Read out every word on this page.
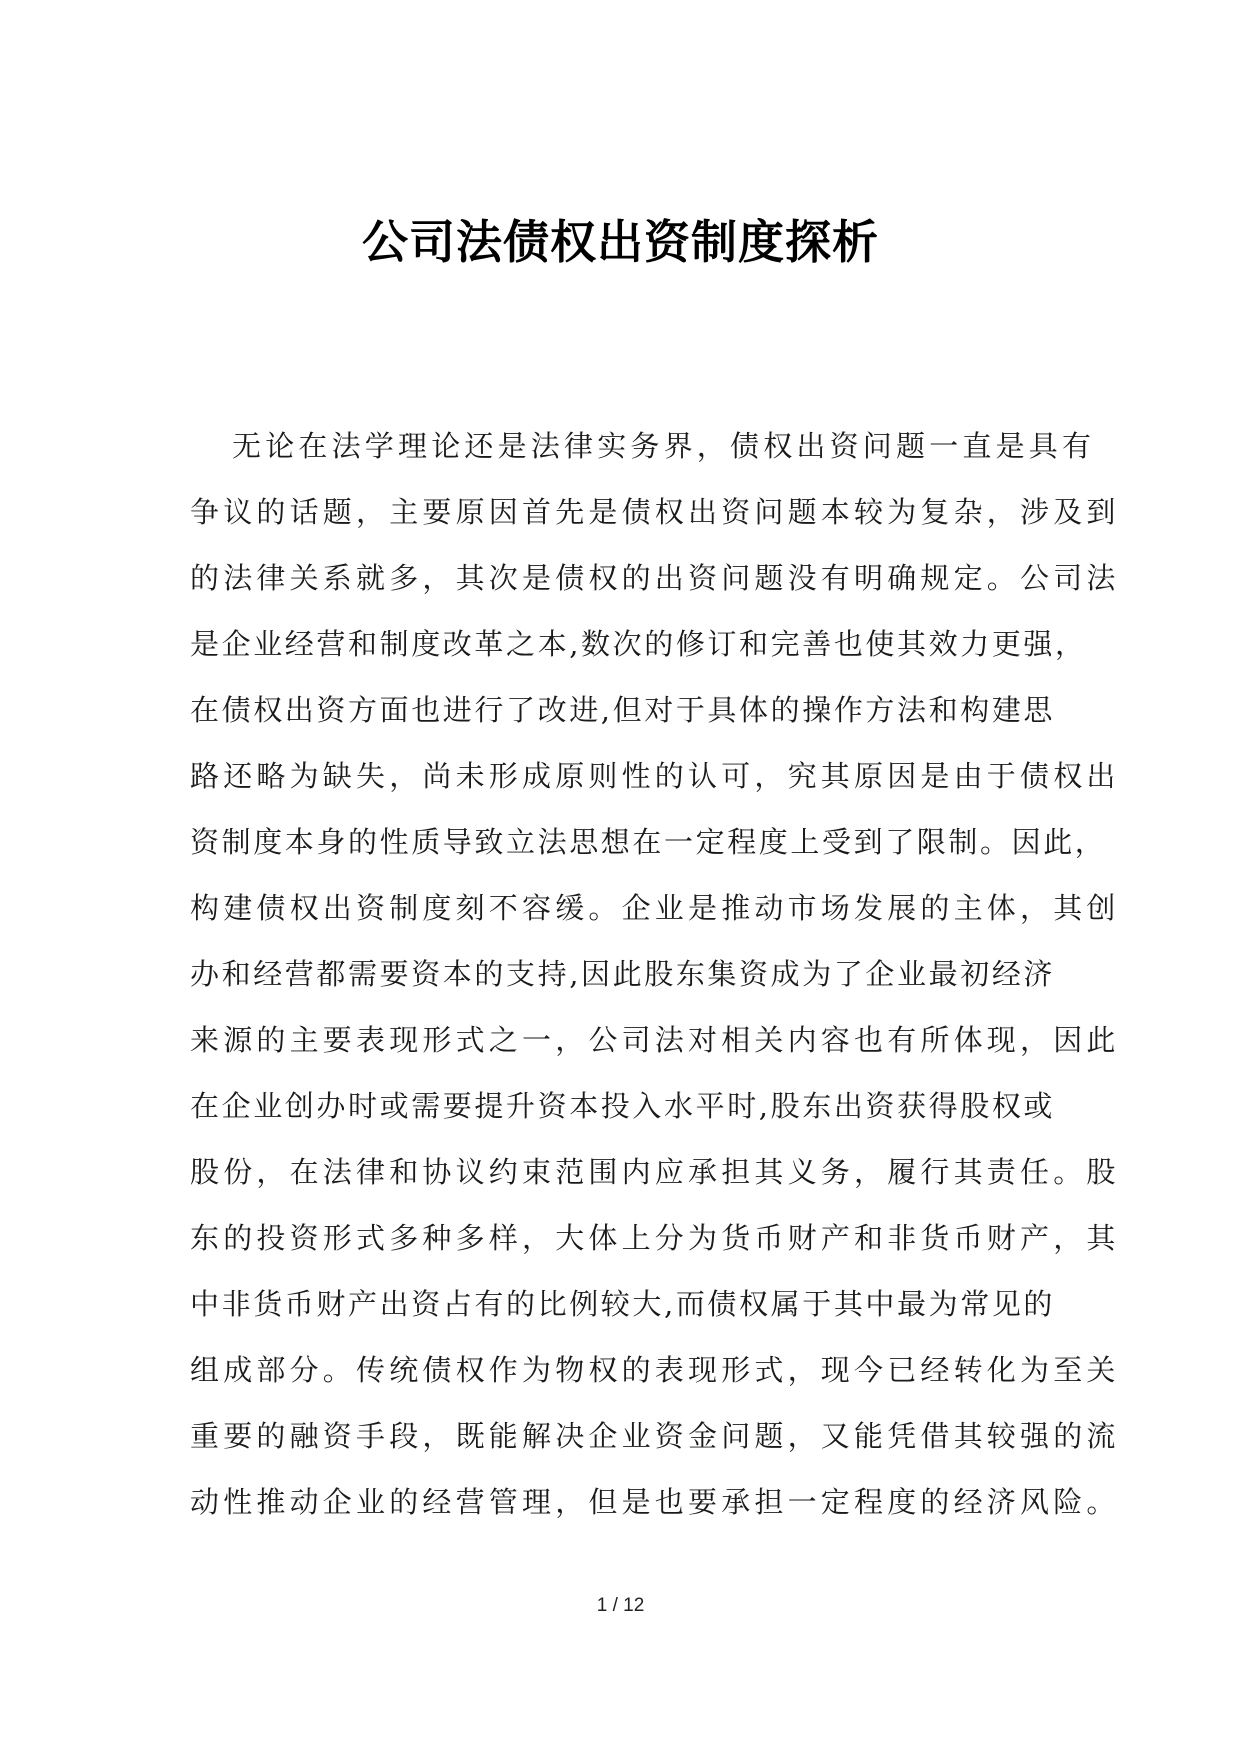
公司法债权出资制度探析
无论在法学理论还是法律实务界，债权出资问题一直是具有
争议的话题，主要原因首先是债权出资问题本较为复杂，涉及到
的法律关系就多，其次是债权的出资问题没有明确规定。公司法
是企业经营和制度改革之本,数次的修订和完善也使其效力更强，
在债权出资方面也进行了改进,但对于具体的操作方法和构建思
路还略为缺失，尚未形成原则性的认可，究其原因是由于债权出
资制度本身的性质导致立法思想在一定程度上受到了限制。因此，
构建债权出资制度刻不容缓。企业是推动市场发展的主体，其创
办和经营都需要资本的支持,因此股东集资成为了企业最初经济
来源的主要表现形式之一，公司法对相关内容也有所体现，因此
在企业创办时或需要提升资本投入水平时,股东出资获得股权或
股份，在法律和协议约束范围内应承担其义务，履行其责任。股
东的投资形式多种多样，大体上分为货币财产和非货币财产，其
中非货币财产出资占有的比例较大,而债权属于其中最为常见的
组成部分。传统债权作为物权的表现形式，现今已经转化为至关
重要的融资手段，既能解决企业资金问题，又能凭借其较强的流
动性推动企业的经营管理，但是也要承担一定程度的经济风险。
1 / 12
